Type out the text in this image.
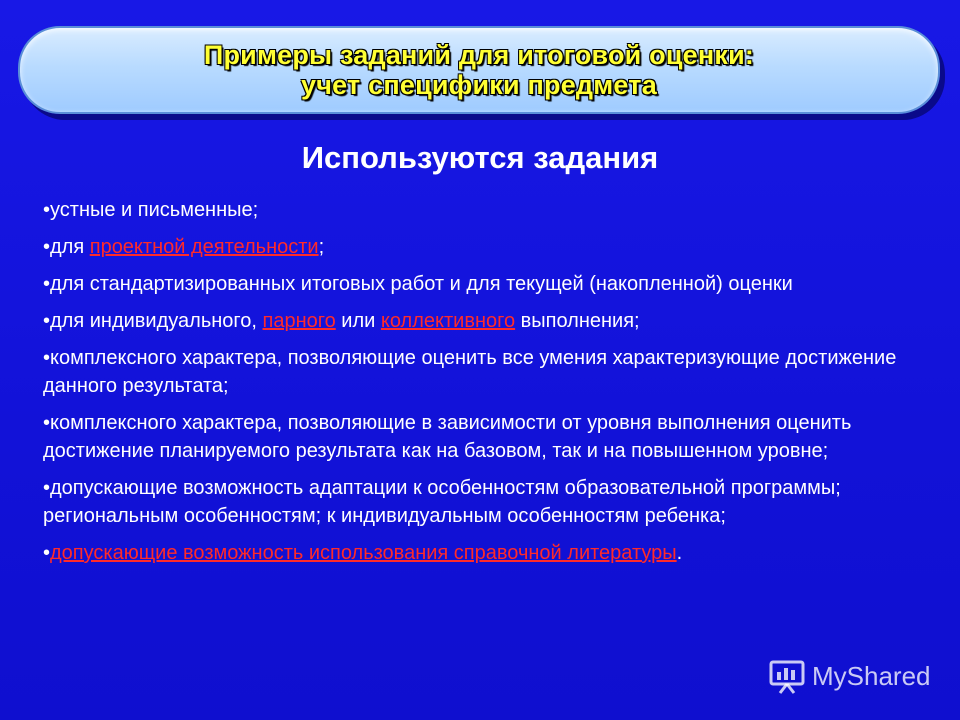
Примеры заданий для итоговой оценки:
учет специфики предмета
Используются задания
•устные и письменные;
•для проектной деятельности;
•для стандартизированных итоговых работ и для текущей (накопленной) оценки
•для индивидуального, парного или коллективного выполнения;
•комплексного характера, позволяющие оценить все умения характеризующие достижение данного результата;
•комплексного характера, позволяющие в зависимости от уровня выполнения оценить достижение планируемого результата как на базовом, так и на повышенном уровне;
•допускающие возможность адаптации к особенностям образовательной программы; региональным особенностям; к индивидуальным особенностям ребенка;
•допускающие возможность использования справочной литературы.
MyShared
